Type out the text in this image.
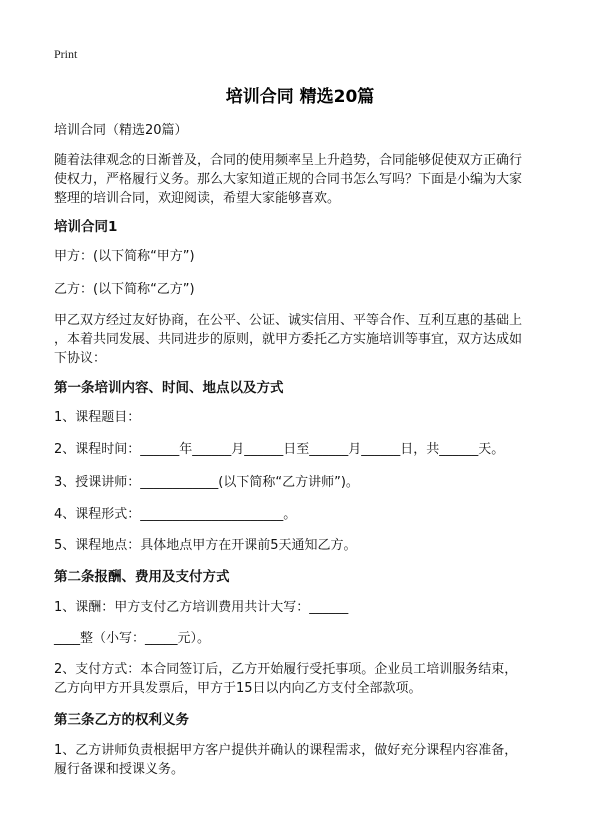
Print
培训合同 精选20篇
培训合同（精选20篇）
随着法律观念的日渐普及，合同的使用频率呈上升趋势，合同能够促使双方正确行
使权力，严格履行义务。那么大家知道正规的合同书怎么写吗？下面是小编为大家
整理的培训合同，欢迎阅读，希望大家能够喜欢。
培训合同1
甲方：(以下简称“甲方”)
乙方：(以下简称“乙方”)
甲乙双方经过友好协商，在公平、公证、诚实信用、平等合作、互利互惠的基础上
，本着共同发展、共同进步的原则，就甲方委托乙方实施培训等事宜，双方达成如
下协议：
第一条培训内容、时间、地点以及方式
1、课程题目：
2、课程时间：______年______月______日至______月______日，共______天。
3、授课讲师：____________(以下简称“乙方讲师”)。
4、课程形式：______________________。
5、课程地点：具体地点甲方在开课前5天通知乙方。
第二条报酬、费用及支付方式
1、课酬：甲方支付乙方培训费用共计大写：______
____整（小写：_____元）。
2、支付方式：本合同签订后，乙方开始履行受托事项。企业员工培训服务结束，
乙方向甲方开具发票后，甲方于15日以内向乙方支付全部款项。
第三条乙方的权利义务
1、乙方讲师负责根据甲方客户提供并确认的课程需求，做好充分课程内容准备，
履行备课和授课义务。
